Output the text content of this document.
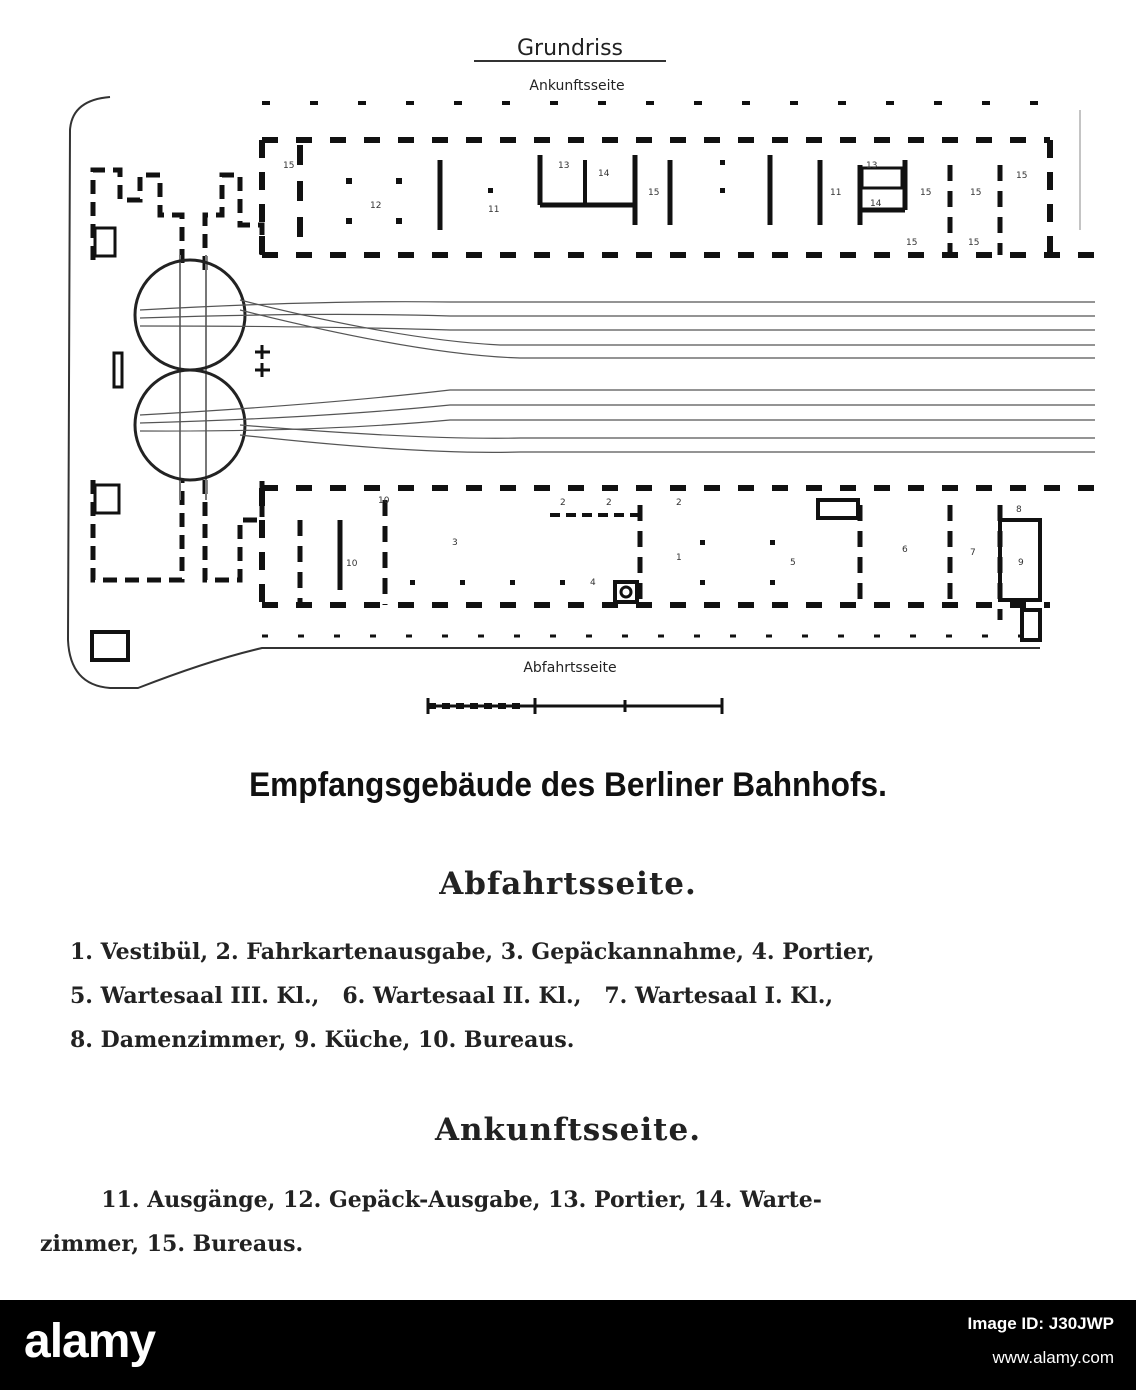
Grundriss
Ankunftsseite
Abfahrtsseite
15
12	11
13
14
15	11
13
14
15	15
15
15	15
10
10
3
2	2	2
1
4
5
6	7
8
9
Empfangsgebäude des Berliner Bahnhofs.
Abfahrtsseite.

1. Vestibül, 2. Fahrkartenausgabe, 3. Gepäckannahme, 4. Portier,
5. Wartesaal III. Kl., 6. Wartesaal II. Kl., 7. Wartesaal I. Kl.,
8. Damenzimmer, 9. Küche, 10. Bureaus.

Ankunftsseite.

11. Ausgänge, 12. Gepäck-Ausgabe, 13. Portier, 14. Warte-
zimmer, 15. Bureaus.

alamy	Image ID: J30JWP

www.alamy.com
